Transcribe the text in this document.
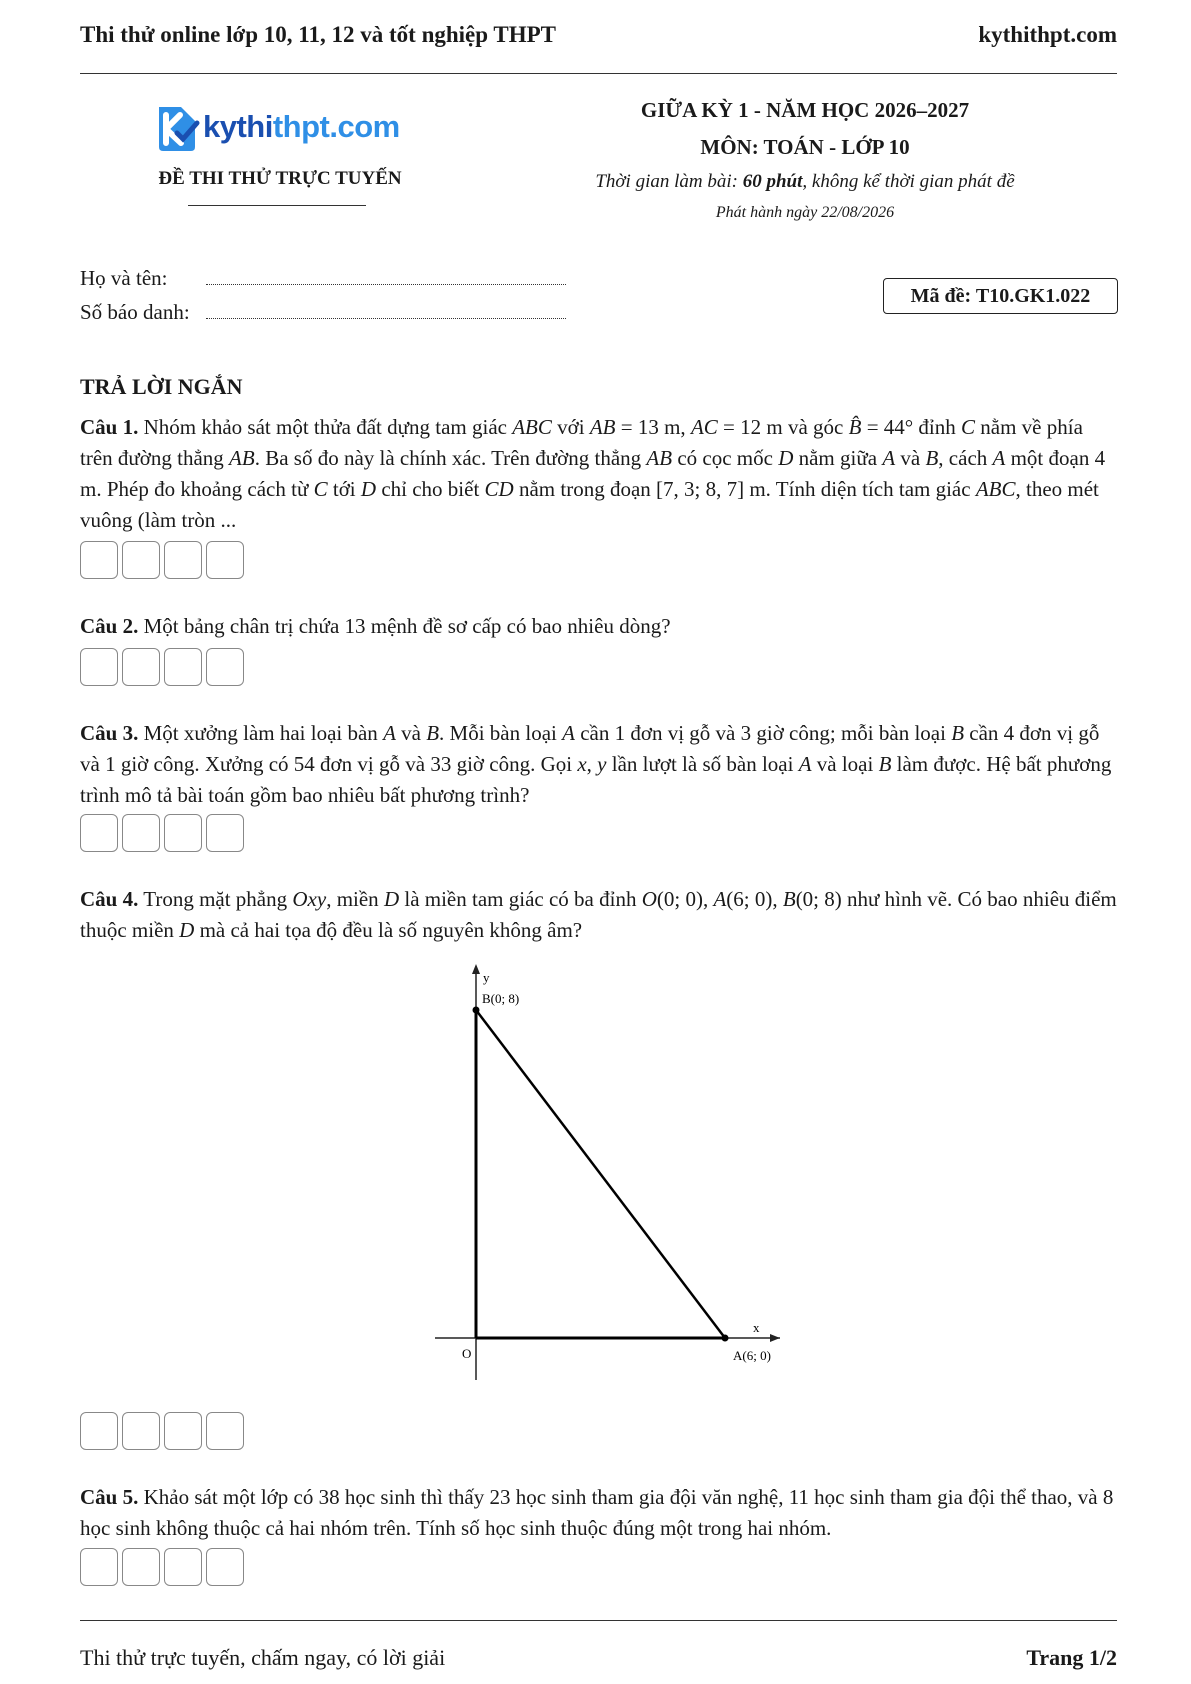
Thi thử online lớp 10, 11, 12 và tốt nghiệp THPT	kythithpt.com
kythithpt.com
ĐỀ THI THỬ TRỰC TUYẾN
GIỮA KỲ 1 - NĂM HỌC 2026–2027
MÔN: TOÁN - LỚP 10
Thời gian làm bài: 60 phút, không kể thời gian phát đề
Phát hành ngày 22/08/2026
Họ và tên:
Số báo danh:
Mã đề: T10.GK1.022
TRẢ LỜI NGẮN
Câu 1. Nhóm khảo sát một thửa đất dựng tam giác ABC với AB = 13 m, AC = 12 m và góc B̂ = 44° đỉnh C nằm về phía trên đường thẳng AB. Ba số đo này là chính xác. Trên đường thẳng AB có cọc mốc D nằm giữa A và B, cách A một đoạn 4 m. Phép đo khoảng cách từ C tới D chỉ cho biết CD nằm trong đoạn [7, 3; 8, 7] m. Tính diện tích tam giác ABC, theo mét vuông (làm tròn ...
Câu 2. Một bảng chân trị chứa 13 mệnh đề sơ cấp có bao nhiêu dòng?
Câu 3. Một xưởng làm hai loại bàn A và B. Mỗi bàn loại A cần 1 đơn vị gỗ và 3 giờ công; mỗi bàn loại B cần 4 đơn vị gỗ và 1 giờ công. Xưởng có 54 đơn vị gỗ và 33 giờ công. Gọi x, y lần lượt là số bàn loại A và loại B làm được. Hệ bất phương trình mô tả bài toán gồm bao nhiêu bất phương trình?
Câu 4. Trong mặt phẳng Oxy, miền D là miền tam giác có ba đỉnh O(0; 0), A(6; 0), B(0; 8) như hình vẽ. Có bao nhiêu điểm thuộc miền D mà cả hai tọa độ đều là số nguyên không âm?
y
B(0; 8)
x
O	A(6; 0)
Câu 5. Khảo sát một lớp có 38 học sinh thì thấy 23 học sinh tham gia đội văn nghệ, 11 học sinh tham gia đội thể thao, và 8 học sinh không thuộc cả hai nhóm trên. Tính số học sinh thuộc đúng một trong hai nhóm.
Thi thử trực tuyến, chấm ngay, có lời giải	Trang 1/2
